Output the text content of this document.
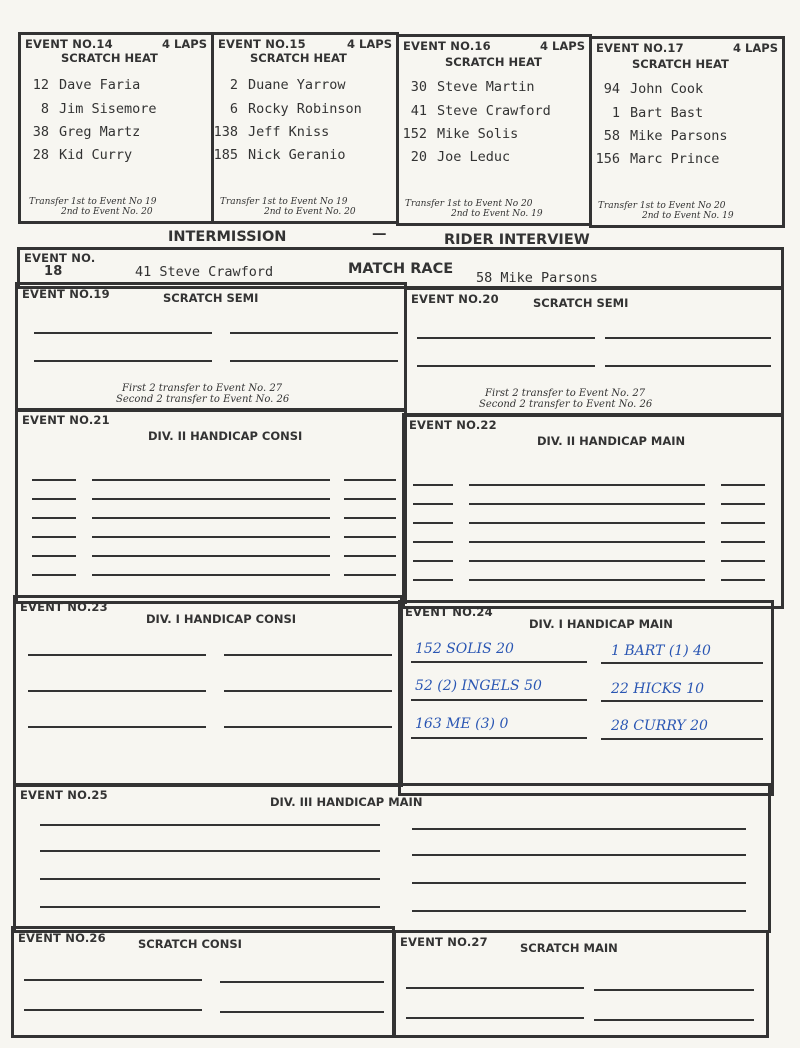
EVENT NO.14	4 LAPS
SCRATCH HEAT
12 Dave Faria
8 Jim Sisemore
38 Greg Martz
28 Kid Curry
Transfer 1st to Event No 19
2nd to Event No. 20
EVENT NO.15	4 LAPS
SCRATCH HEAT
2 Duane Yarrow
6 Rocky Robinson
138 Jeff Kniss
185 Nick Geranio
Transfer 1st to Event No 19
2nd to Event No. 20
EVENT NO.16	4 LAPS
SCRATCH HEAT
30 Steve Martin
41 Steve Crawford
152 Mike Solis
20 Joe Leduc
Transfer 1st to Event No 20
2nd to Event No. 19
EVENT NO.17	4 LAPS
SCRATCH HEAT
94 John Cook
1 Bart Bast
58 Mike Parsons
156 Marc Prince
Transfer 1st to Event No 20
2nd to Event No. 19
INTERMISSION	—	RIDER INTERVIEW
EVENT NO.
18	41 Steve Crawford	MATCH RACE
58 Mike Parsons
EVENT NO.19	SCRATCH SEMI
First 2 transfer to Event No. 27
Second 2 transfer to Event No. 26
EVENT NO.20	SCRATCH SEMI
First 2 transfer to Event No. 27
Second 2 transfer to Event No. 26
EVENT NO.21
DIV. II HANDICAP CONSI
EVENT NO.22
DIV. II HANDICAP MAIN
EVENT NO.23
DIV. I HANDICAP CONSI	EVENT NO.24
DIV. I HANDICAP MAIN
152 SOLIS 20	1 BART (1) 40
52 (2) INGELS 50	22 HICKS 10
163 ME (3) 0	28 CURRY 20
EVENT NO.25	DIV. III HANDICAP MAIN
EVENT NO.26	SCRATCH CONSI	EVENT NO.27	SCRATCH MAIN
